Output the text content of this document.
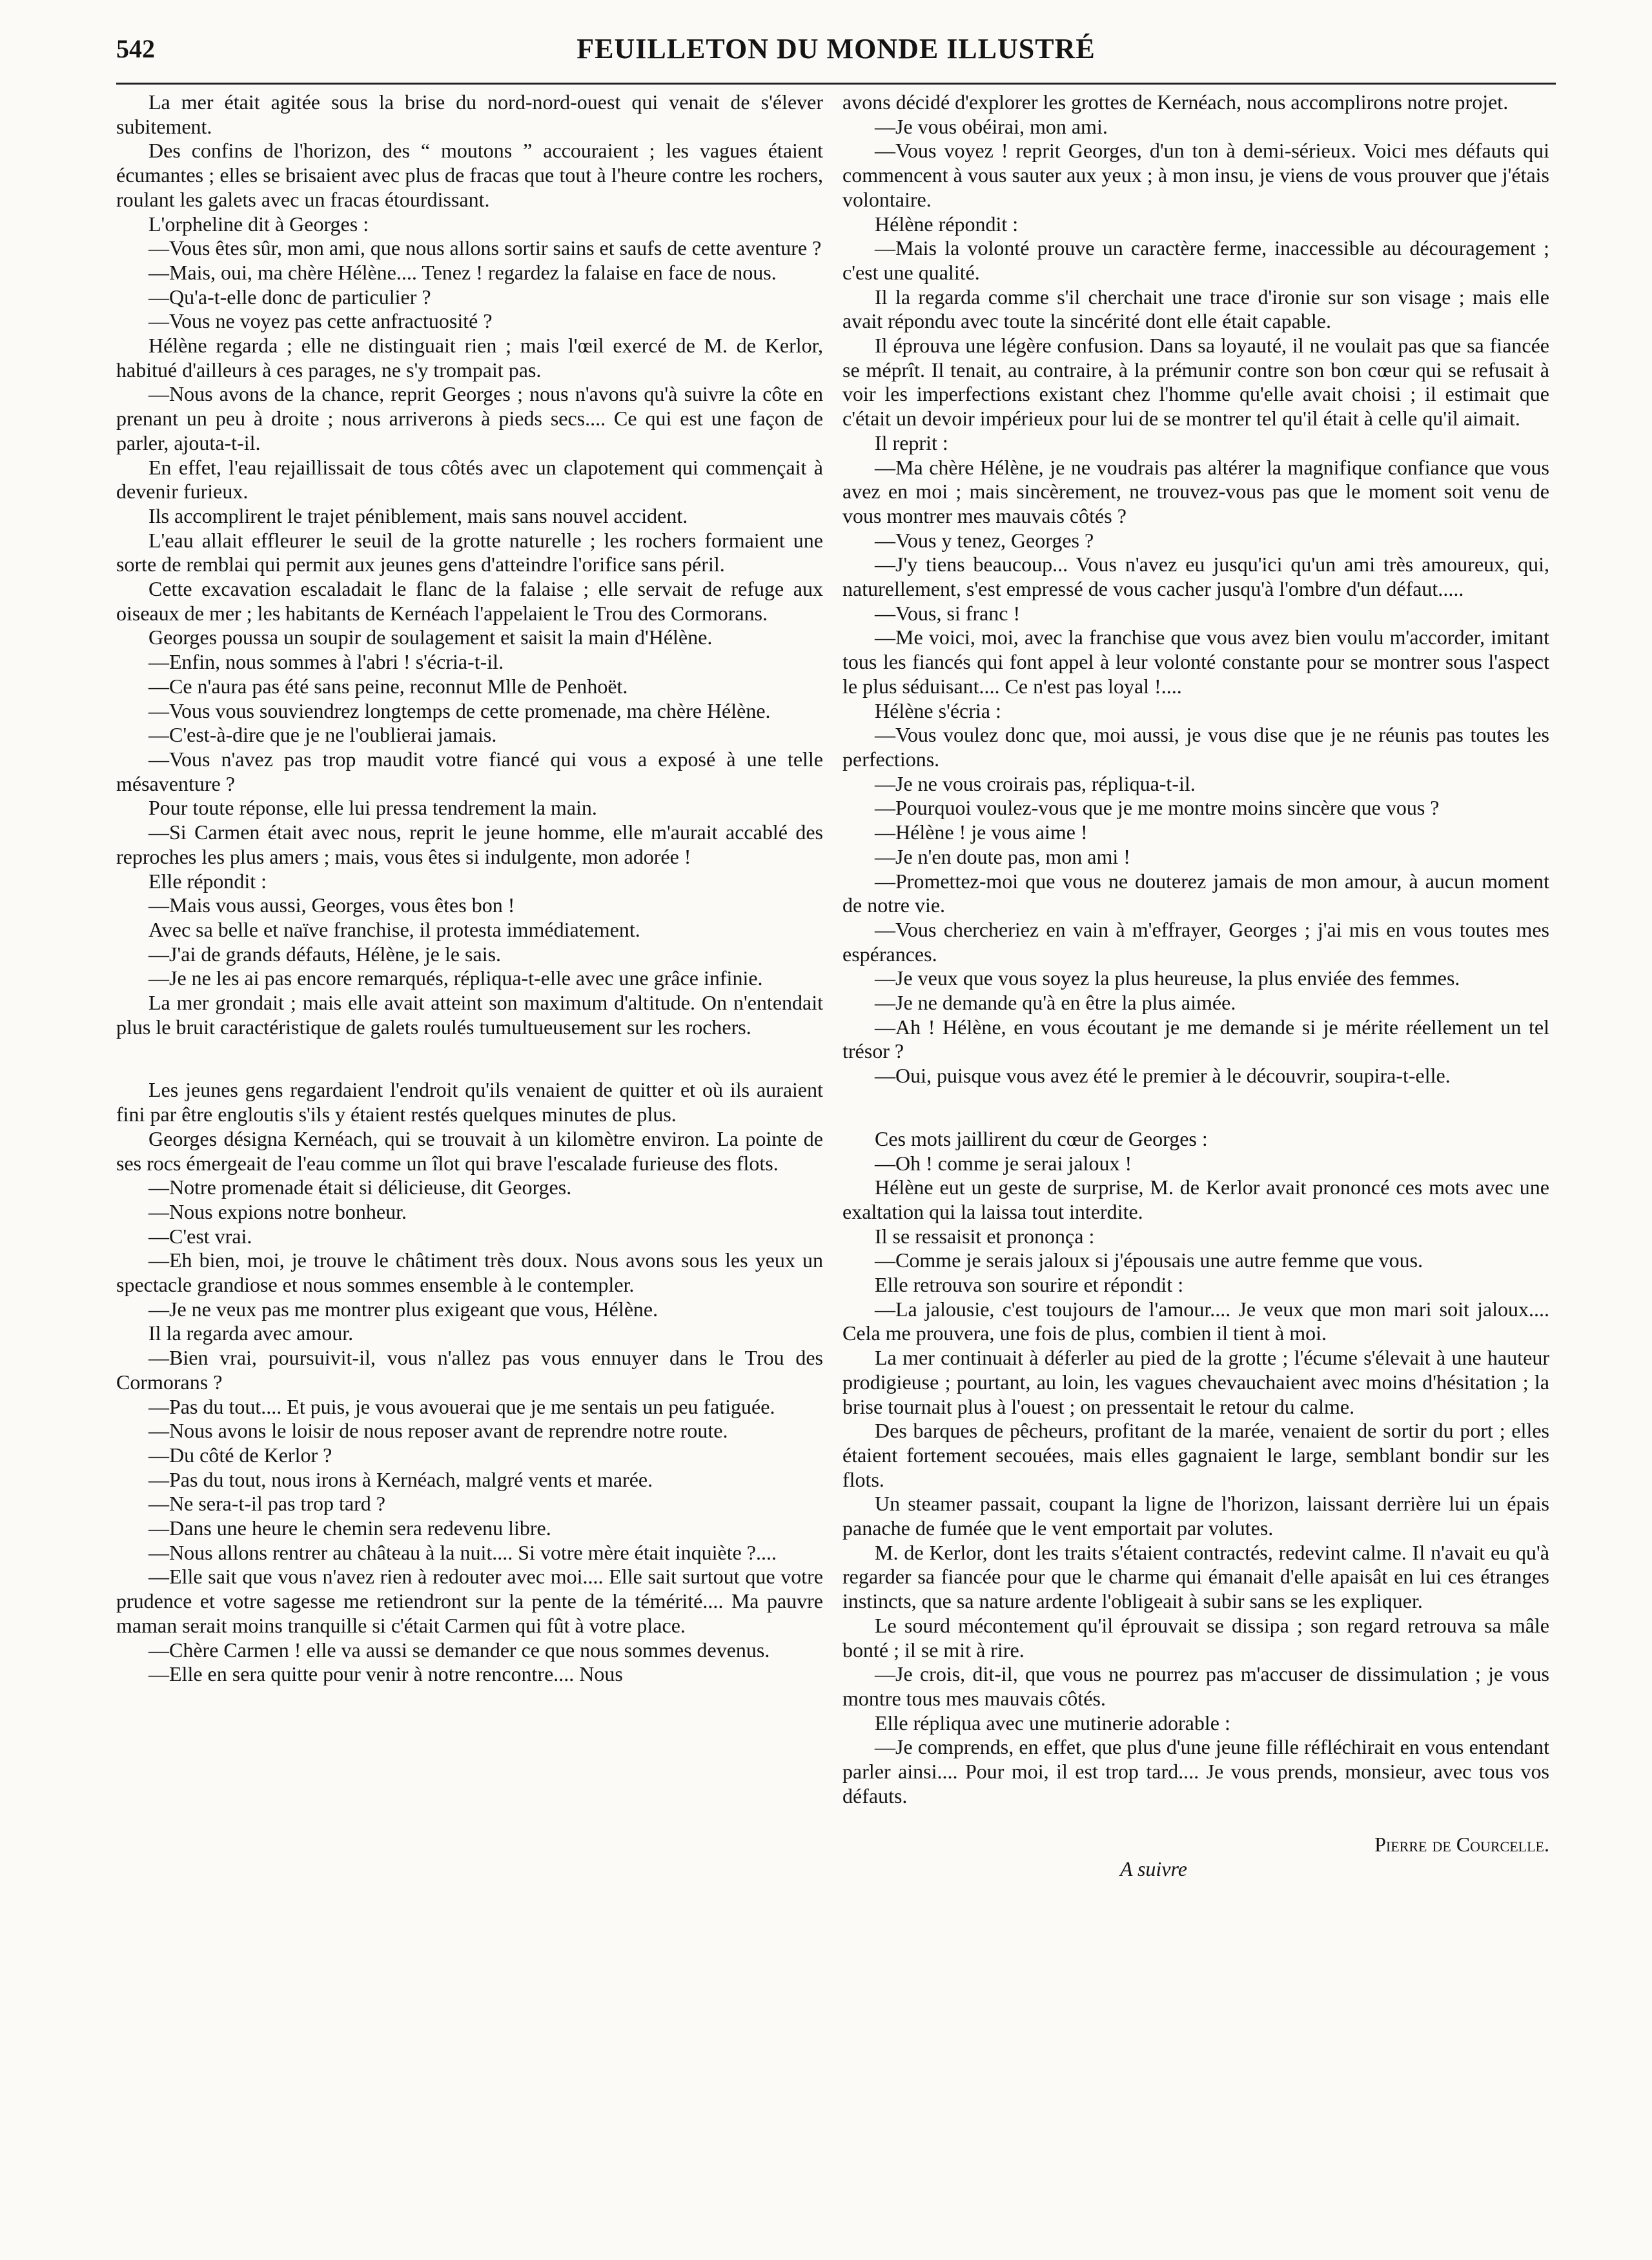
542	FEUILLETON DU MONDE ILLUSTRÉ

La mer était agitée sous la brise du nord-nord-ouest qui venait de s'élever subitement.

Des confins de l'horizon, des “ moutons ” accouraient ; les vagues étaient écumantes ; elles se brisaient avec plus de fracas que tout à l'heure contre les rochers, roulant les galets avec un fracas étourdissant.

L'orpheline dit à Georges :

—Vous êtes sûr, mon ami, que nous allons sortir sains et saufs de cette aventure ?

—Mais, oui, ma chère Hélène.... Tenez ! regardez la falaise en face de nous.

—Qu'a-t-elle donc de particulier ?

—Vous ne voyez pas cette anfractuosité ?

Hélène regarda ; elle ne distinguait rien ; mais l'œil exercé de M. de Kerlor, habitué d'ailleurs à ces parages, ne s'y trompait pas.

—Nous avons de la chance, reprit Georges ; nous n'avons qu'à suivre la côte en prenant un peu à droite ; nous arriverons à pieds secs.... Ce qui est une façon de parler, ajouta-t-il.

En effet, l'eau rejaillissait de tous côtés avec un clapotement qui commençait à devenir furieux.

Ils accomplirent le trajet péniblement, mais sans nouvel accident.

L'eau allait effleurer le seuil de la grotte naturelle ; les rochers formaient une sorte de remblai qui permit aux jeunes gens d'atteindre l'orifice sans péril.

Cette excavation escaladait le flanc de la falaise ; elle servait de refuge aux oiseaux de mer ; les habitants de Kernéach l'appelaient le Trou des Cormorans.

Georges poussa un soupir de soulagement et saisit la main d'Hélène.

—Enfin, nous sommes à l'abri ! s'écria-t-il.

—Ce n'aura pas été sans peine, reconnut Mlle de Penhoët.

—Vous vous souviendrez longtemps de cette promenade, ma chère Hélène.

—C'est-à-dire que je ne l'oublierai jamais.

—Vous n'avez pas trop maudit votre fiancé qui vous a exposé à une telle mésaventure ?

Pour toute réponse, elle lui pressa tendrement la main.

—Si Carmen était avec nous, reprit le jeune homme, elle m'aurait accablé des reproches les plus amers ; mais, vous êtes si indulgente, mon adorée !

Elle répondit :

—Mais vous aussi, Georges, vous êtes bon !

Avec sa belle et naïve franchise, il protesta immédiatement.

—J'ai de grands défauts, Hélène, je le sais.

—Je ne les ai pas encore remarqués, répliqua-t-elle avec une grâce infinie.

La mer grondait ; mais elle avait atteint son maximum d'altitude. On n'entendait plus le bruit caractéristique de galets roulés tumultueusement sur les rochers.

Les jeunes gens regardaient l'endroit qu'ils venaient de quitter et où ils auraient fini par être engloutis s'ils y étaient restés quelques minutes de plus.

Georges désigna Kernéach, qui se trouvait à un kilomètre environ. La pointe de ses rocs émergeait de l'eau comme un îlot qui brave l'escalade furieuse des flots.

—Notre promenade était si délicieuse, dit Georges.

—Nous expions notre bonheur.

—C'est vrai.

—Eh bien, moi, je trouve le châtiment très doux. Nous avons sous les yeux un spectacle grandiose et nous sommes ensemble à le contempler.

—Je ne veux pas me montrer plus exigeant que vous, Hélène.

Il la regarda avec amour.

—Bien vrai, poursuivit-il, vous n'allez pas vous ennuyer dans le Trou des Cormorans ?

—Pas du tout.... Et puis, je vous avouerai que je me sentais un peu fatiguée.

—Nous avons le loisir de nous reposer avant de reprendre notre route.

—Du côté de Kerlor ?

—Pas du tout, nous irons à Kernéach, malgré vents et marée.

—Ne sera-t-il pas trop tard ?

—Dans une heure le chemin sera redevenu libre.

—Nous allons rentrer au château à la nuit.... Si votre mère était inquiète ?....

—Elle sait que vous n'avez rien à redouter avec moi.... Elle sait surtout que votre prudence et votre sagesse me retiendront sur la pente de la témérité.... Ma pauvre maman serait moins tranquille si c'était Carmen qui fût à votre place.

—Chère Carmen ! elle va aussi se demander ce que nous sommes devenus.

—Elle en sera quitte pour venir à notre rencontre.... Nous

avons décidé d'explorer les grottes de Kernéach, nous accomplirons notre projet.

—Je vous obéirai, mon ami.

—Vous voyez ! reprit Georges, d'un ton à demi-sérieux. Voici mes défauts qui commencent à vous sauter aux yeux ; à mon insu, je viens de vous prouver que j'étais volontaire.

Hélène répondit :

—Mais la volonté prouve un caractère ferme, inaccessible au découragement ; c'est une qualité.

Il la regarda comme s'il cherchait une trace d'ironie sur son visage ; mais elle avait répondu avec toute la sincérité dont elle était capable.

Il éprouva une légère confusion. Dans sa loyauté, il ne voulait pas que sa fiancée se méprît. Il tenait, au contraire, à la prémunir contre son bon cœur qui se refusait à voir les imperfections existant chez l'homme qu'elle avait choisi ; il estimait que c'était un devoir impérieux pour lui de se montrer tel qu'il était à celle qu'il aimait.

Il reprit :

—Ma chère Hélène, je ne voudrais pas altérer la magnifique confiance que vous avez en moi ; mais sincèrement, ne trouvez-vous pas que le moment soit venu de vous montrer mes mauvais côtés ?

—Vous y tenez, Georges ?

—J'y tiens beaucoup... Vous n'avez eu jusqu'ici qu'un ami très amoureux, qui, naturellement, s'est empressé de vous cacher jusqu'à l'ombre d'un défaut.....

—Vous, si franc !

—Me voici, moi, avec la franchise que vous avez bien voulu m'accorder, imitant tous les fiancés qui font appel à leur volonté constante pour se montrer sous l'aspect le plus séduisant.... Ce n'est pas loyal !....

Hélène s'écria :

—Vous voulez donc que, moi aussi, je vous dise que je ne réunis pas toutes les perfections.

—Je ne vous croirais pas, répliqua-t-il.

—Pourquoi voulez-vous que je me montre moins sincère que vous ?

—Hélène ! je vous aime !

—Je n'en doute pas, mon ami !

—Promettez-moi que vous ne douterez jamais de mon amour, à aucun moment de notre vie.

—Vous chercheriez en vain à m'effrayer, Georges ; j'ai mis en vous toutes mes espérances.

—Je veux que vous soyez la plus heureuse, la plus enviée des femmes.

—Je ne demande qu'à en être la plus aimée.

—Ah ! Hélène, en vous écoutant je me demande si je mérite réellement un tel trésor ?

—Oui, puisque vous avez été le premier à le découvrir, soupira-t-elle.

Ces mots jaillirent du cœur de Georges :

—Oh ! comme je serai jaloux !

Hélène eut un geste de surprise, M. de Kerlor avait prononcé ces mots avec une exaltation qui la laissa tout interdite.

Il se ressaisit et prononça :

—Comme je serais jaloux si j'épousais une autre femme que vous.

Elle retrouva son sourire et répondit :

—La jalousie, c'est toujours de l'amour.... Je veux que mon mari soit jaloux.... Cela me prouvera, une fois de plus, combien il tient à moi.

La mer continuait à déferler au pied de la grotte ; l'écume s'élevait à une hauteur prodigieuse ; pourtant, au loin, les vagues chevauchaient avec moins d'hésitation ; la brise tournait plus à l'ouest ; on pressentait le retour du calme.

Des barques de pêcheurs, profitant de la marée, venaient de sortir du port ; elles étaient fortement secouées, mais elles gagnaient le large, semblant bondir sur les flots.

Un steamer passait, coupant la ligne de l'horizon, laissant derrière lui un épais panache de fumée que le vent emportait par volutes.

M. de Kerlor, dont les traits s'étaient contractés, redevint calme. Il n'avait eu qu'à regarder sa fiancée pour que le charme qui émanait d'elle apaisât en lui ces étranges instincts, que sa nature ardente l'obligeait à subir sans se les expliquer.

Le sourd mécontement qu'il éprouvait se dissipa ; son regard retrouva sa mâle bonté ; il se mit à rire.

—Je crois, dit-il, que vous ne pourrez pas m'accuser de dissimulation ; je vous montre tous mes mauvais côtés.

Elle répliqua avec une mutinerie adorable :

—Je comprends, en effet, que plus d'une jeune fille réfléchirait en vous entendant parler ainsi.... Pour moi, il est trop tard.... Je vous prends, monsieur, avec tous vos défauts.

Pierre de Courcelle.
A suivre
